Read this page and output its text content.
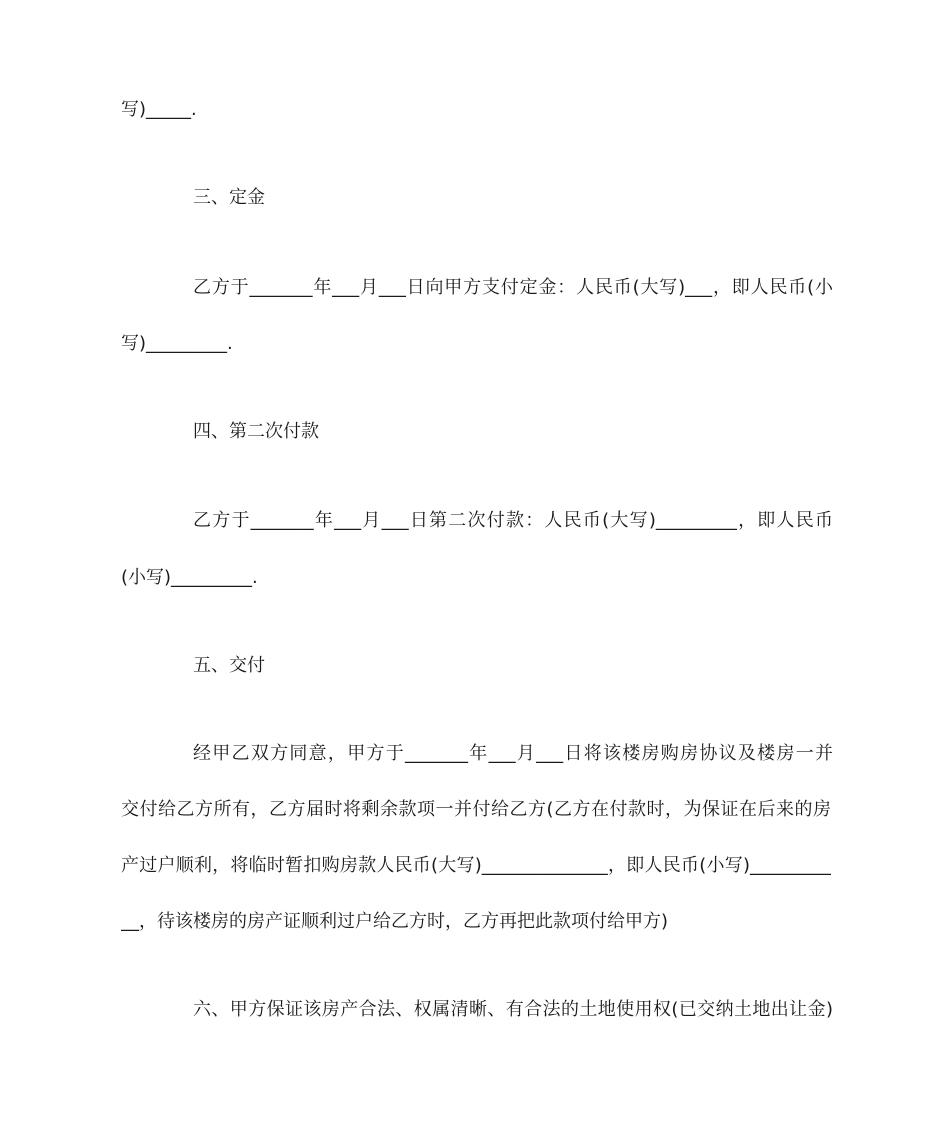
写)_____.
三、定金
乙方于_______年___月___日向甲方支付定金：人民币(大写)___，即人民币(小
写)_________.
四、第二次付款
乙方于_______年___月___日第二次付款：人民币(大写)_________，即人民币
(小写)_________.
五、交付
经甲乙双方同意，甲方于_______年___月___日将该楼房购房协议及楼房一并
交付给乙方所有，乙方届时将剩余款项一并付给乙方(乙方在付款时，为保证在后来的房
产过户顺利，将临时暂扣购房款人民币(大写)______________，即人民币(小写)_________
__，待该楼房的房产证顺利过户给乙方时，乙方再把此款项付给甲方)
六、甲方保证该房产合法、权属清晰、有合法的土地使用权(已交纳土地出让金)
